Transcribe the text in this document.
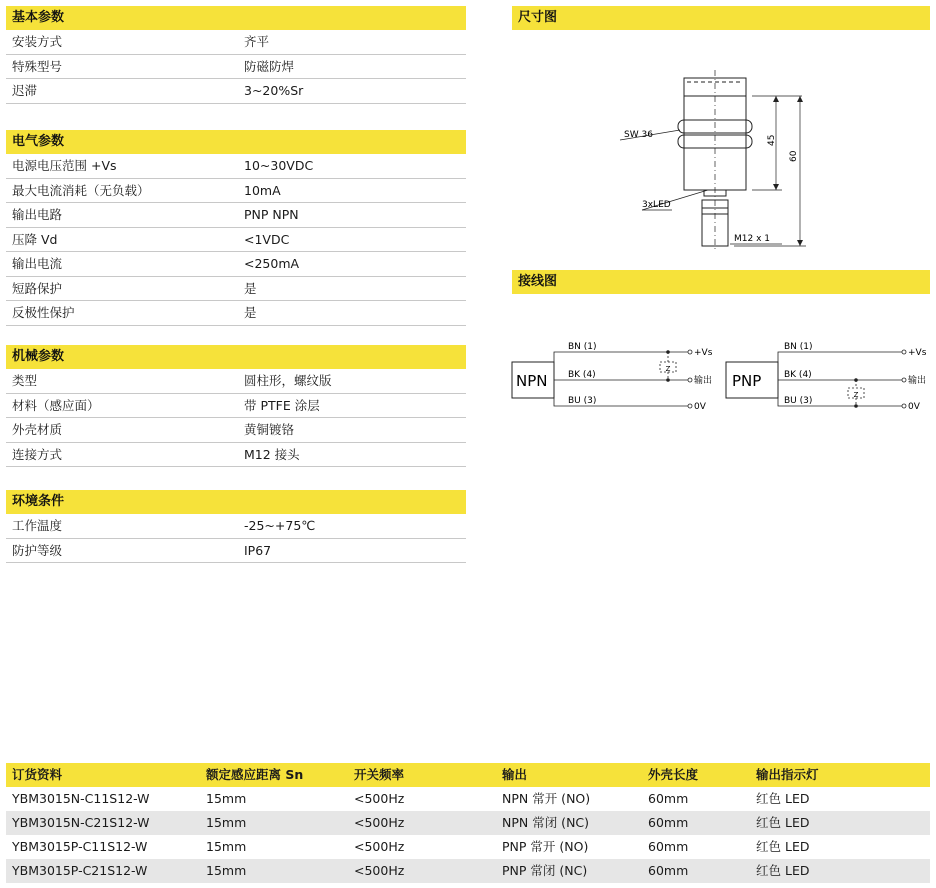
基本参数
安装方式	齐平
特殊型号	防磁防焊
迟滞	3~20%Sr
电气参数
电源电压范围 +Vs	10~30VDC
最大电流消耗（无负载）	10mA
输出电路	PNP NPN
压降 Vd	<1VDC
输出电流	<250mA
短路保护	是
反极性保护	是
机械参数
类型	圆柱形，螺纹版
材料（感应面）	带 PTFE 涂层
外壳材质	黄铜镀铬
连接方式	M12 接头
环境条件
工作温度	-25~+75℃
防护等级	IP67
尺寸图
SW 36
3xLED
M12 x 1
45
60
接线图
NPN
Z
BN (1)
BK (4)
BU (3)
+Vs
输出
0V
PNP
Z
BN (1)
BK (4)
BU (3)
+Vs
输出
0V
订货资料	额定感应距离 Sn	开关频率	输出	外壳长度	输出指示灯
YBM3015N-C11S12-W	15mm	<500Hz	NPN 常开 (NO)	60mm	红色 LED
YBM3015N-C21S12-W	15mm	<500Hz	NPN 常闭 (NC)	60mm	红色 LED
YBM3015P-C11S12-W	15mm	<500Hz	PNP 常开 (NO)	60mm	红色 LED
YBM3015P-C21S12-W	15mm	<500Hz	PNP 常闭 (NC)	60mm	红色 LED
